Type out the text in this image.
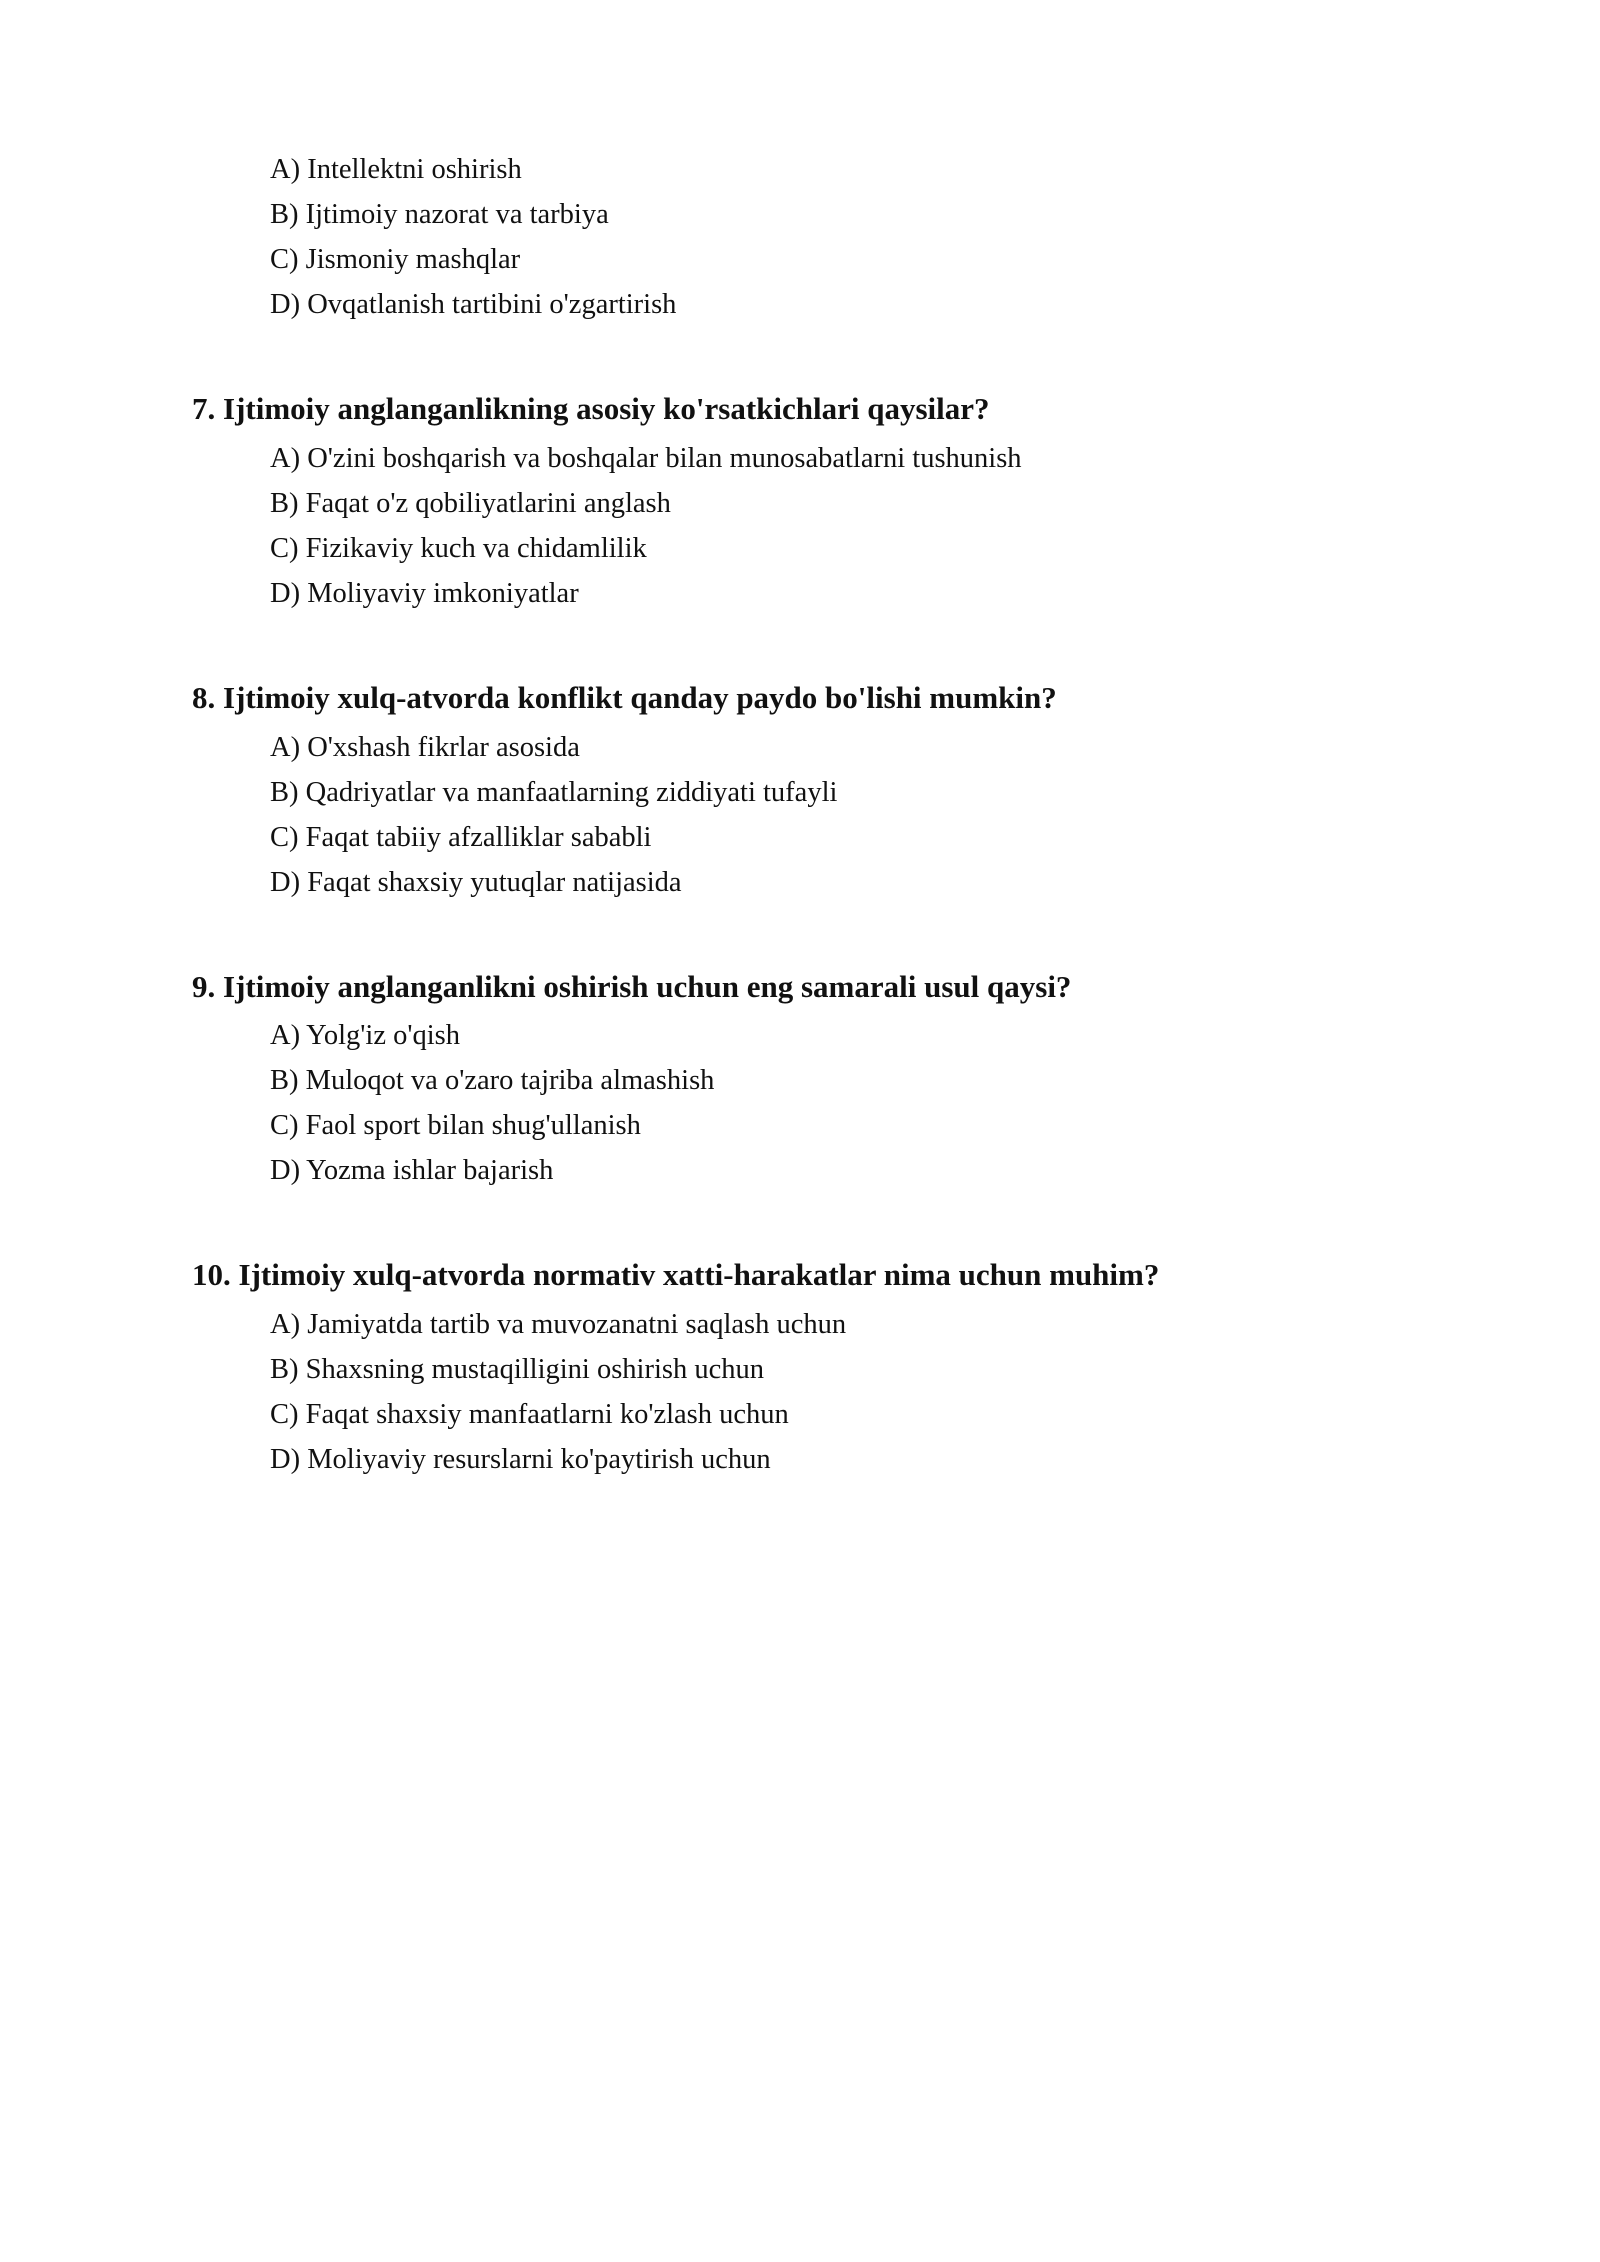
A) Intellektni oshirish
B) Ijtimoiy nazorat va tarbiya
C) Jismoniy mashqlar
D) Ovqatlanish tartibini o'zgartirish
7. Ijtimoiy anglanganlikning asosiy ko'rsatkichlari qaysilar?
A) O'zini boshqarish va boshqalar bilan munosabatlarni tushunish
B) Faqat o'z qobiliyatlarini anglash
C) Fizikaviy kuch va chidamlilik
D) Moliyaviy imkoniyatlar
8. Ijtimoiy xulq-atvorda konflikt qanday paydo bo'lishi mumkin?
A) O'xshash fikrlar asosida
B) Qadriyatlar va manfaatlarning ziddiyati tufayli
C) Faqat tabiiy afzalliklar sababli
D) Faqat shaxsiy yutuqlar natijasida
9. Ijtimoiy anglanganlikni oshirish uchun eng samarali usul qaysi?
A) Yolg'iz o'qish
B) Muloqot va o'zaro tajriba almashish
C) Faol sport bilan shug'ullanish
D) Yozma ishlar bajarish
10. Ijtimoiy xulq-atvorda normativ xatti-harakatlar nima uchun muhim?
A) Jamiyatda tartib va muvozanatni saqlash uchun
B) Shaxsning mustaqilligini oshirish uchun
C) Faqat shaxsiy manfaatlarni ko'zlash uchun
D) Moliyaviy resurslarni ko'paytirish uchun
